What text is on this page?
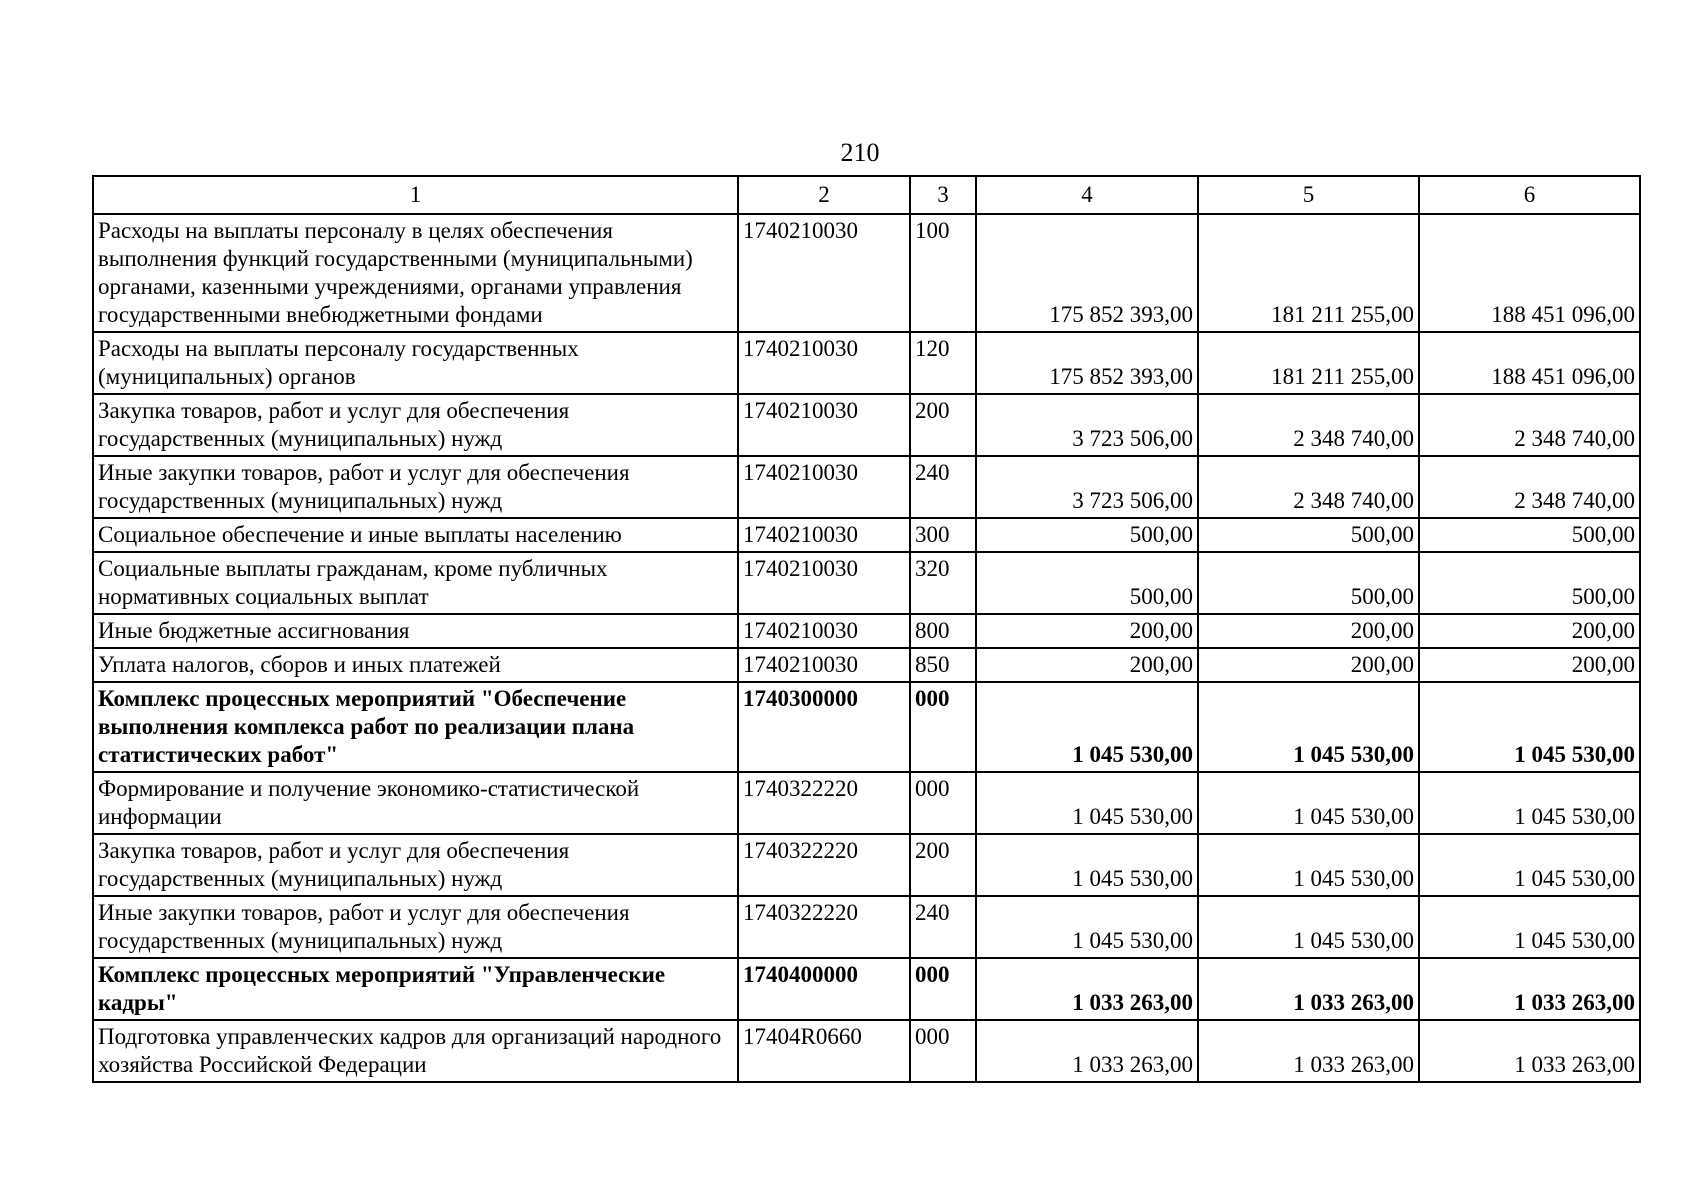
210
1	2	3	4	5	6
Расходы на выплаты персоналу в целях обеспечения выполнения функций государственными (муниципальными) органами, казенными учреждениями, органами управления государственными внебюджетными фондами	1740210030	100	175 852 393,00	181 211 255,00	188 451 096,00
Расходы на выплаты персоналу государственных (муниципальных) органов	1740210030	120	175 852 393,00	181 211 255,00	188 451 096,00
Закупка товаров, работ и услуг для обеспечения государственных (муниципальных) нужд	1740210030	200	3 723 506,00	2 348 740,00	2 348 740,00
Иные закупки товаров, работ и услуг для обеспечения государственных (муниципальных) нужд	1740210030	240	3 723 506,00	2 348 740,00	2 348 740,00
Социальное обеспечение и иные выплаты населению	1740210030	300	500,00	500,00	500,00
Социальные выплаты гражданам, кроме публичных нормативных социальных выплат	1740210030	320	500,00	500,00	500,00
Иные бюджетные ассигнования	1740210030	800	200,00	200,00	200,00
Уплата налогов, сборов и иных платежей	1740210030	850	200,00	200,00	200,00
Комплекс процессных мероприятий "Обеспечение выполнения комплекса работ по реализации плана статистических работ"	1740300000	000	1 045 530,00	1 045 530,00	1 045 530,00
Формирование и получение экономико-статистической информации	1740322220	000	1 045 530,00	1 045 530,00	1 045 530,00
Закупка товаров, работ и услуг для обеспечения государственных (муниципальных) нужд	1740322220	200	1 045 530,00	1 045 530,00	1 045 530,00
Иные закупки товаров, работ и услуг для обеспечения государственных (муниципальных) нужд	1740322220	240	1 045 530,00	1 045 530,00	1 045 530,00
Комплекс процессных мероприятий "Управленческие кадры"	1740400000	000	1 033 263,00	1 033 263,00	1 033 263,00
Подготовка управленческих кадров для организаций народного хозяйства Российской Федерации	17404R0660	000	1 033 263,00	1 033 263,00	1 033 263,00
